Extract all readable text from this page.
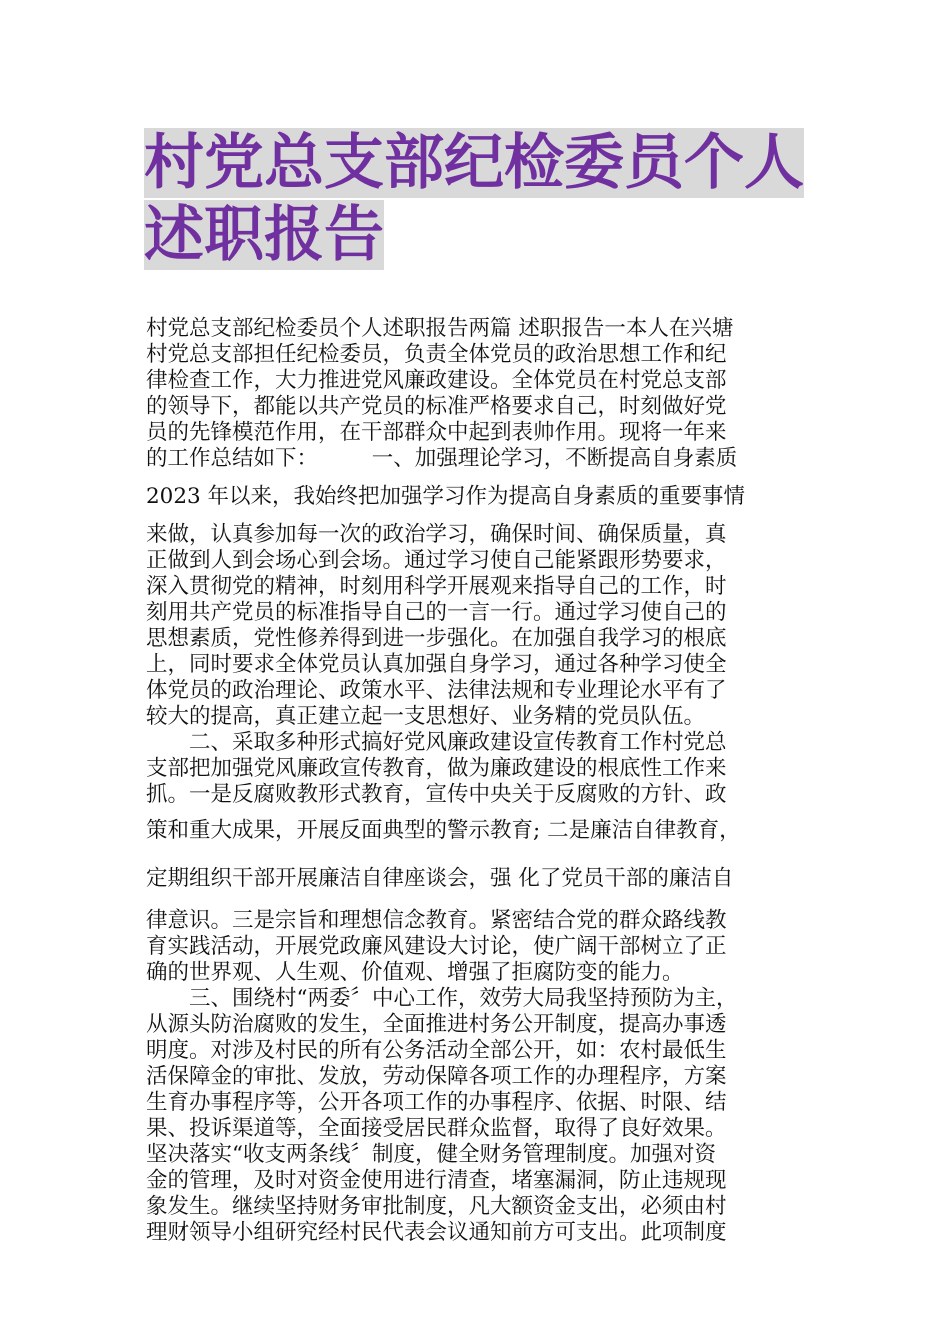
村党总支部纪检委员个人
述职报告
村党总支部纪检委员个人述职报告两篇 述职报告一本人在兴塘
村党总支部担任纪检委员，负责全体党员的政治思想工作和纪
律检查工作，大力推进党风廉政建设。全体党员在村党总支部
的领导下，都能以共产党员的标准严格要求自己，时刻做好党
员的先锋模范作用，在干部群众中起到表帅作用。现将一年来
的工作总结如下：　　　一、加强理论学习，不断提高自身素质
2023 年以来，我始终把加强学习作为提高自身素质的重要事情
来做，认真参加每一次的政治学习，确保时间、确保质量，真
正做到人到会场心到会场。通过学习使自己能紧跟形势要求，
深入贯彻党的精神，时刻用科学开展观来指导自己的工作，时
刻用共产党员的标准指导自己的一言一行。通过学习使自己的
思想素质，党性修养得到进一步强化。在加强自我学习的根底
上，同时要求全体党员认真加强自身学习，通过各种学习使全
体党员的政治理论、政策水平、法律法规和专业理论水平有了
较大的提高，真正建立起一支思想好、业务精的党员队伍。
二、采取多种形式搞好党风廉政建设宣传教育工作村党总
支部把加强党风廉政宣传教育，做为廉政建设的根底性工作来
抓。一是反腐败教形式教育，宣传中央关于反腐败的方针、政
策和重大成果，开展反面典型的警示教育; 二是廉洁自律教育，
定期组织干部开展廉洁自律座谈会，强 化了党员干部的廉洁自
律意识。三是宗旨和理想信念教育。紧密结合党的群众路线教
育实践活动，开展党政廉风建设大讨论，使广阔干部树立了正
确的世界观、人生观、价值观、增强了拒腐防变的能力。
三、围绕村“两委〞中心工作，效劳大局我坚持预防为主，
从源头防治腐败的发生，全面推进村务公开制度，提高办事透
明度。对涉及村民的所有公务活动全部公开，如：农村最低生
活保障金的审批、发放，劳动保障各项工作的办理程序，方案
生育办事程序等，公开各项工作的办事程序、依据、时限、结
果、投诉渠道等，全面接受居民群众监督，取得了良好效果。
坚决落实“收支两条线〞制度，健全财务管理制度。加强对资
金的管理，及时对资金使用进行清查，堵塞漏洞，防止违规现
象发生。继续坚持财务审批制度，凡大额资金支出，必须由村
理财领导小组研究经村民代表会议通知前方可支出。此项制度
